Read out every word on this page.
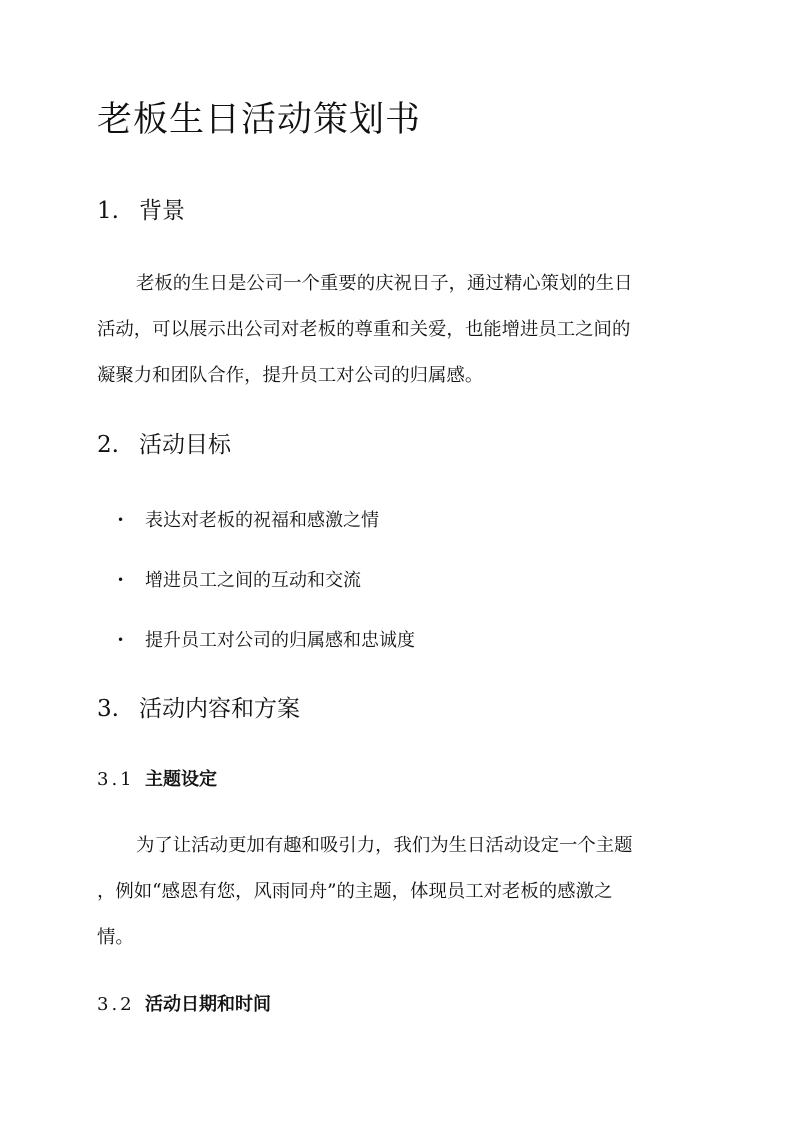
老板生日活动策划书
1. 背景
老板的生日是公司一个重要的庆祝日子，通过精心策划的生日
活动，可以展示出公司对老板的尊重和关爱，也能增进员工之间的
凝聚力和团队合作，提升员工对公司的归属感。
2. 活动目标
• 表达对老板的祝福和感激之情
• 增进员工之间的互动和交流
• 提升员工对公司的归属感和忠诚度
3. 活动内容和方案
3.1 主题设定
为了让活动更加有趣和吸引力，我们为生日活动设定一个主题
，例如“感恩有您，风雨同舟”的主题，体现员工对老板的感激之
情。
3.2 活动日期和时间
